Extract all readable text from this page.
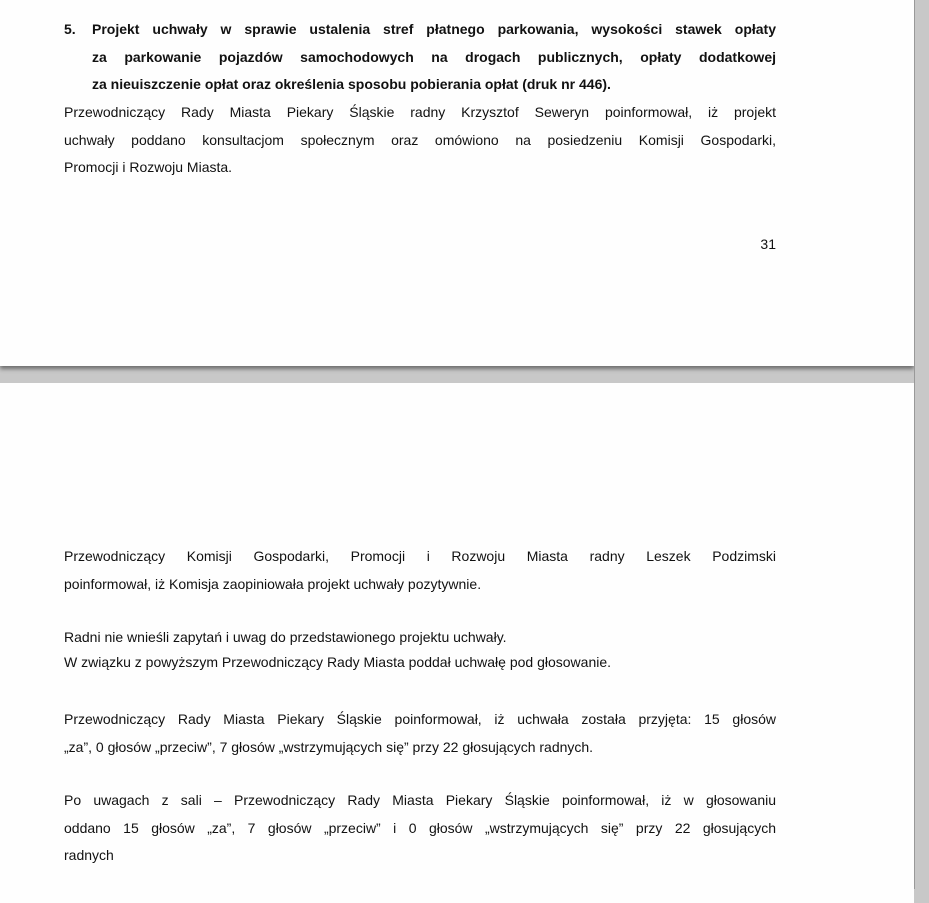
5. Projekt uchwały w sprawie ustalenia stref płatnego parkowania, wysokości stawek opłaty
za parkowanie pojazdów samochodowych na drogach publicznych, opłaty dodatkowej
za nieuiszczenie opłat oraz określenia sposobu pobierania opłat (druk nr 446).
Przewodniczący Rady Miasta Piekary Śląskie radny Krzysztof Seweryn poinformował, iż projekt
uchwały poddano konsultacjom społecznym oraz omówiono na posiedzeniu Komisji Gospodarki,
Promocji i Rozwoju Miasta.
31
Przewodniczący Komisji Gospodarki, Promocji i Rozwoju Miasta radny Leszek Podzimski
poinformował, iż Komisja zaopiniowała projekt uchwały pozytywnie.
Radni nie wnieśli zapytań i uwag do przedstawionego projektu uchwały.
W związku z powyższym Przewodniczący Rady Miasta poddał uchwałę pod głosowanie.
Przewodniczący Rady Miasta Piekary Śląskie poinformował, iż uchwała została przyjęta: 15 głosów
„za”, 0 głosów „przeciw”, 7 głosów „wstrzymujących się” przy 22 głosujących radnych.
Po uwagach z sali – Przewodniczący Rady Miasta Piekary Śląskie poinformował, iż w głosowaniu
oddano 15 głosów „za”, 7 głosów „przeciw” i 0 głosów „wstrzymujących się” przy 22 głosujących
radnych
